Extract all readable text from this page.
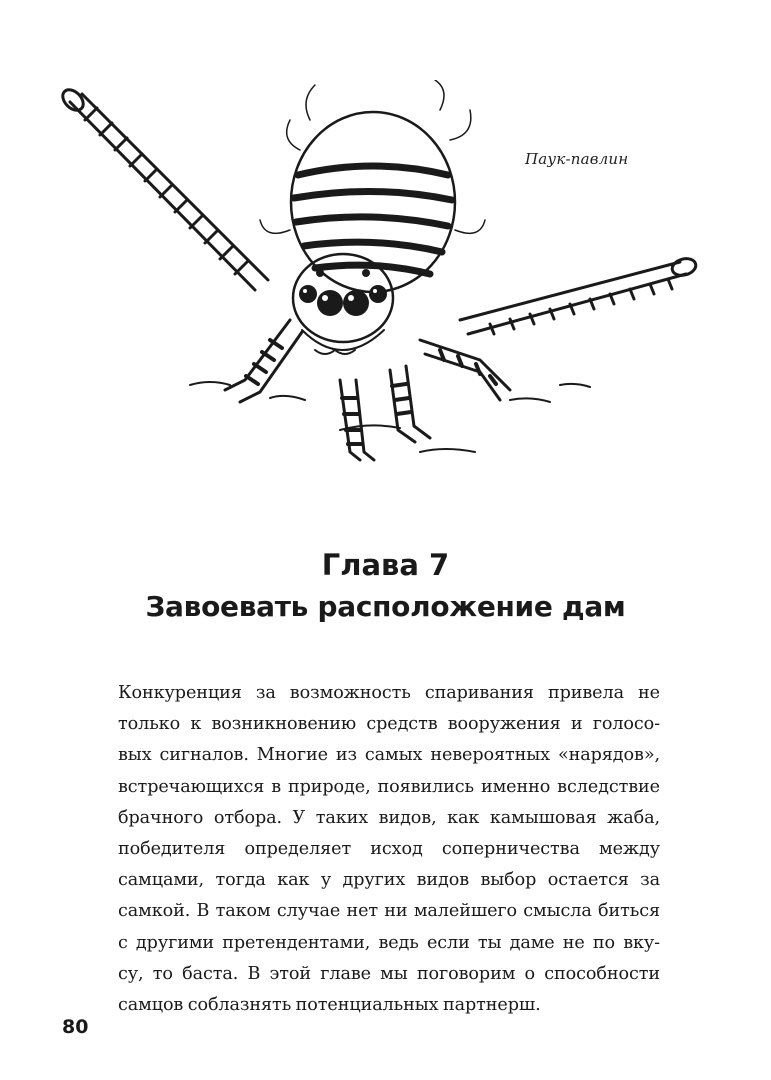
Паук-павлин
Глава 7
Завоевать расположение дам
Конкуренция за возможность спаривания привела не
только к возникновению средств вооружения и голосо-
вых сигналов. Многие из самых невероятных «нарядов»,
встречающихся в природе, появились именно вследствие
брачного отбора. У таких видов, как камышовая жаба,
победителя определяет исход соперничества между
самцами, тогда как у других видов выбор остается за
самкой. В таком случае нет ни малейшего смысла биться
с другими претендентами, ведь если ты даме не по вку-
су, то баста. В этой главе мы поговорим о способности
самцов соблазнять потенциальных партнерш.
80
